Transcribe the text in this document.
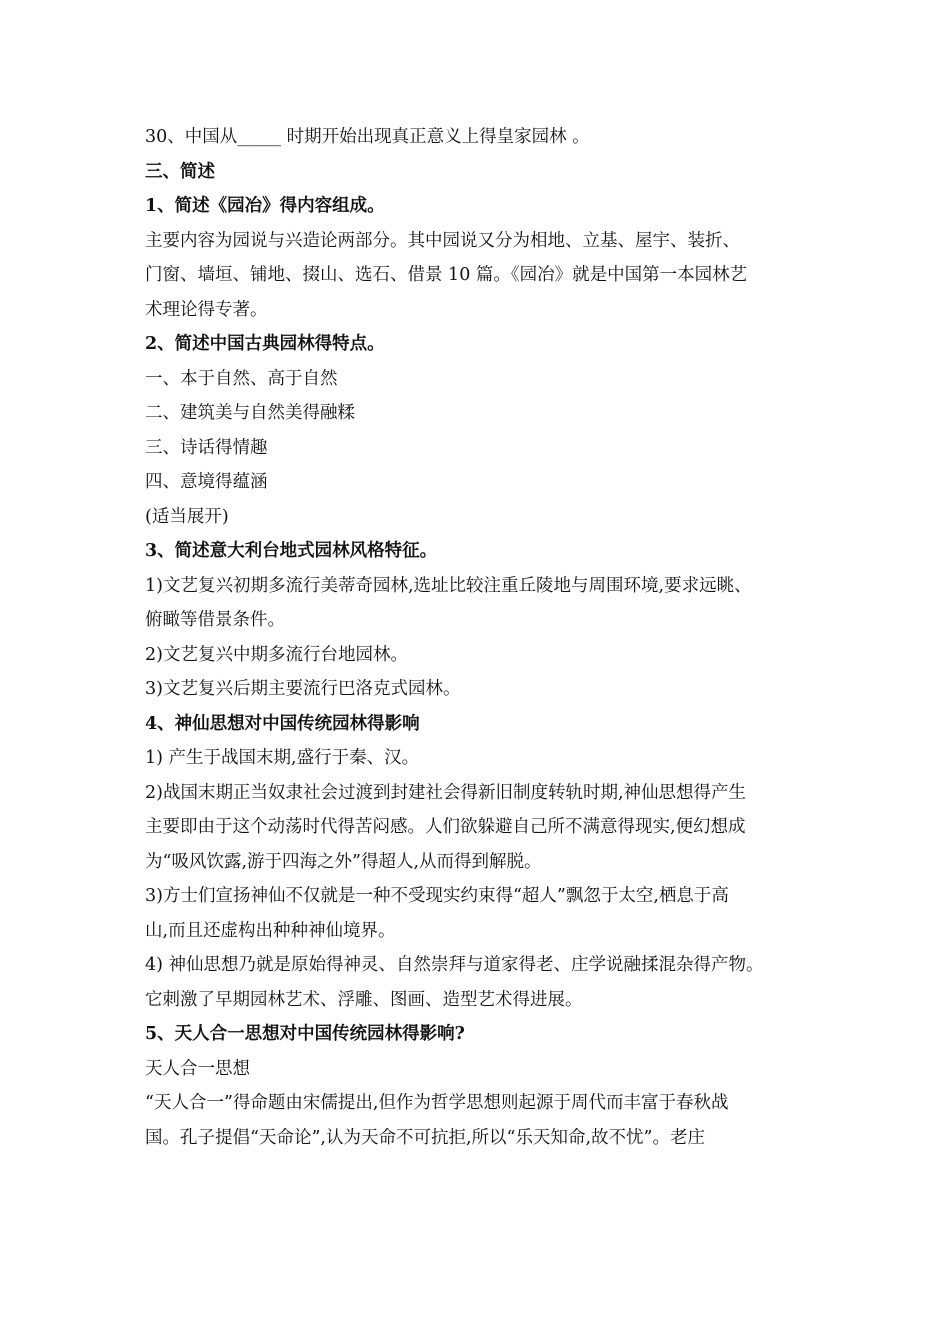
30、中国从_____ 时期开始出现真正意义上得皇家园林 。
三、简述
1、简述《园冶》得内容组成。
主要内容为园说与兴造论两部分。其中园说又分为相地、立基、屋宇、装折、
门窗、墙垣、铺地、掇山、选石、借景 10 篇。《园冶》就是中国第一本园林艺
术理论得专著。
2、简述中国古典园林得特点。
一、本于自然、高于自然
二、建筑美与自然美得融糅
三、诗话得情趣
四、意境得蕴涵
(适当展开)
3、简述意大利台地式园林风格特征。
1)文艺复兴初期多流行美蒂奇园林,选址比较注重丘陵地与周围环境,要求远眺、
俯瞰等借景条件。
2)文艺复兴中期多流行台地园林。
3)文艺复兴后期主要流行巴洛克式园林。
4、神仙思想对中国传统园林得影响
1) 产生于战国末期,盛行于秦、汉。
2)战国末期正当奴隶社会过渡到封建社会得新旧制度转轨时期,神仙思想得产生
主要即由于这个动荡时代得苦闷感。人们欲躲避自己所不满意得现实,便幻想成
为“吸风饮露,游于四海之外”得超人,从而得到解脱。
3)方士们宣扬神仙不仅就是一种不受现实约束得“超人”飘忽于太空,栖息于高
山,而且还虚构出种种神仙境界。
4) 神仙思想乃就是原始得神灵、自然崇拜与道家得老、庄学说融揉混杂得产物。
它刺激了早期园林艺术、浮雕、图画、造型艺术得进展。
5、天人合一思想对中国传统园林得影响?
天人合一思想
“天人合一”得命题由宋儒提出,但作为哲学思想则起源于周代而丰富于春秋战
国。孔子提倡“天命论”,认为天命不可抗拒,所以“乐天知命,故不忧”。老庄
